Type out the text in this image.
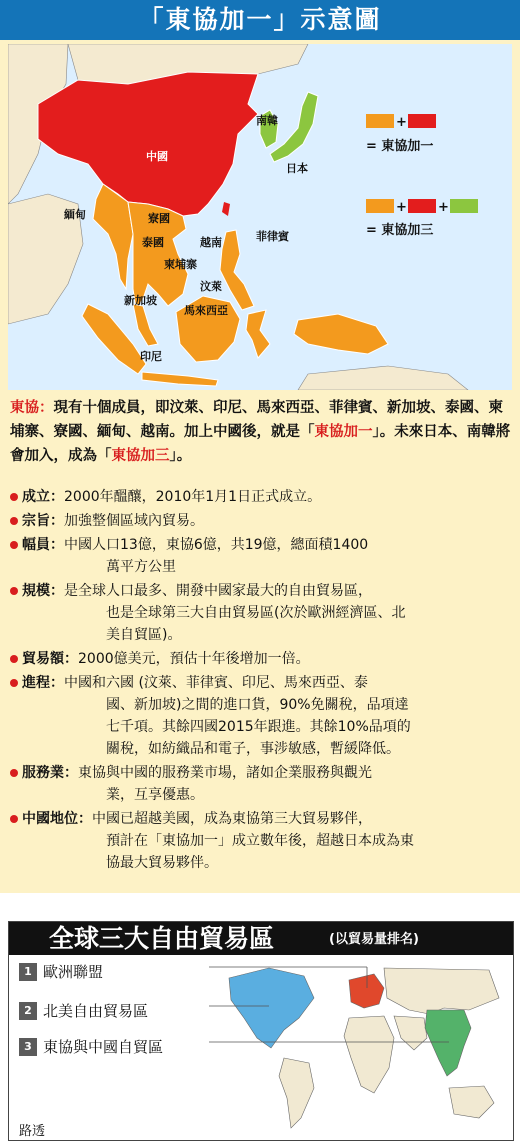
「東協加一」示意圖
中國
南韓
日本
緬甸	寮國
泰國	越南
柬埔寨
菲律賓
汶萊
馬來西亞
新加坡
印尼
+
= 東協加一
+ +
= 東協加三
東協：現有十個成員，即汶萊、印尼、馬來西亞、菲律賓、新加坡、泰國、柬埔寨、寮國、緬甸、越南。加上中國後，就是「東協加一」。未來日本、南韓將會加入，成為「東協加三」。
成立：2000年醞釀，2010年1月1日正式成立。
宗旨：加強整個區域內貿易。
幅員：中國人口13億，東協6億，共19億，總面積1400
萬平方公里
規模：是全球人口最多、開發中國家最大的自由貿易區，
也是全球第三大自由貿易區(次於歐洲經濟區、北
美自貿區)。
貿易額：2000億美元，預估十年後增加一倍。
進程：中國和六國 (汶萊、菲律賓、印尼、馬來西亞、泰
國、新加坡)之間的進口貨，90%免關稅，品項達
七千項。其餘四國2015年跟進。其餘10%品項的
關稅，如紡織品和電子，事涉敏感，暫緩降低。
服務業：東協與中國的服務業市場，諸如企業服務與觀光
業，互享優惠。
中國地位：中國已超越美國，成為東協第三大貿易夥伴，
預計在「東協加一」成立數年後，超越日本成為東
協最大貿易夥伴。
全球三大自由貿易區	(以貿易量排名)
1 歐洲聯盟
2 北美自由貿易區
3 東協與中國自貿區
路透
